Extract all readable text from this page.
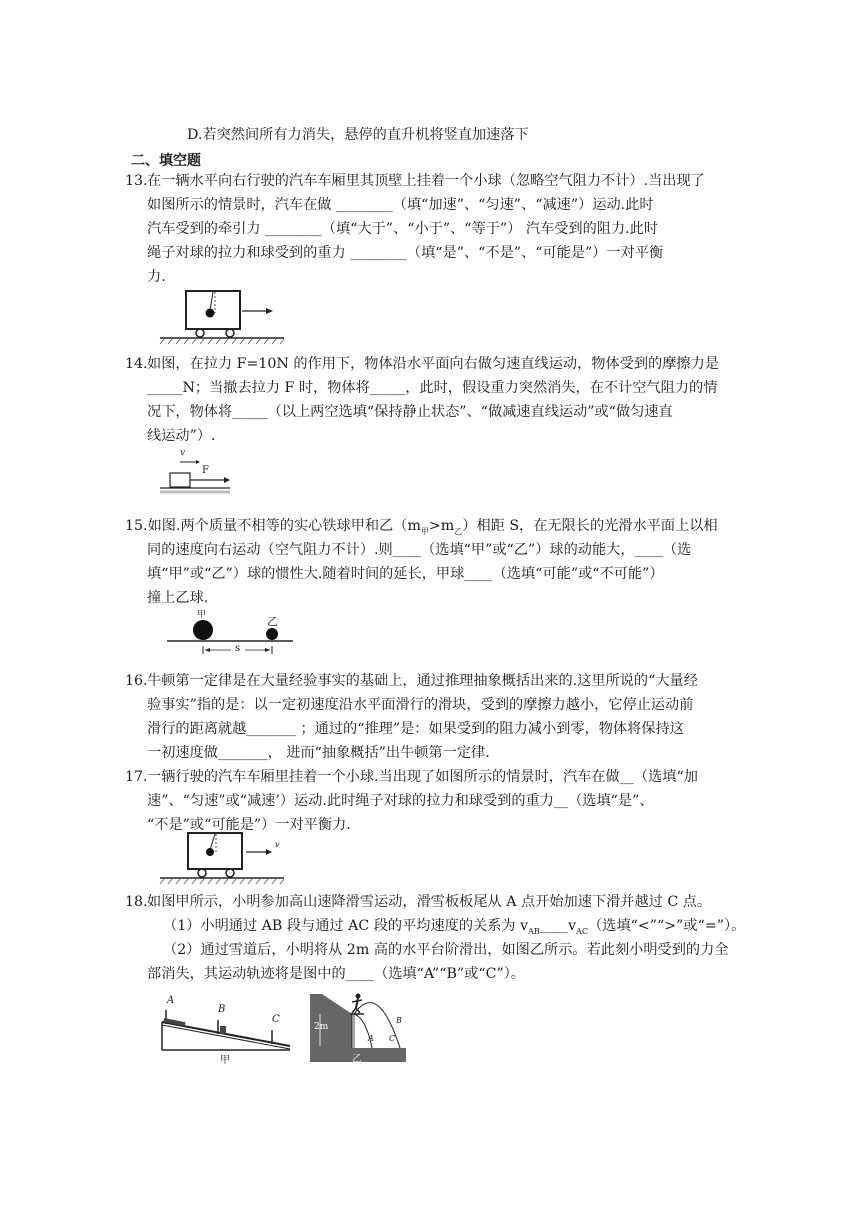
D.若突然间所有力消失，悬停的直升机将竖直加速落下
二、填空题
13. 在一辆水平向右行驶的汽车车厢里其顶壁上挂着一个小球（忽略空气阻力不计）.当出现了
如图所示的情景时，汽车在做 ________（填“加速”、“匀速”、“减速”）运动.此时
汽车受到的牵引力 ________（填“大于”、“小于”、“等于”） 汽车受到的阻力.此时
绳子对球的拉力和球受到的重力 ________（填“是”、“不是”、“可能是”）一对平衡
力.
14. 如图，在拉力 F=10N 的作用下，物体沿水平面向右做匀速直线运动，物体受到的摩擦力是
_____N；当撤去拉力 F 时，物体将_____，此时，假设重力突然消失，在不计空气阻力的情
况下，物体将_____（以上两空选填“保持静止状态”、“做减速直线运动”或“做匀速直
线运动”）.
v
F
15.如图.两个质量不相等的实心铁球甲和乙$(m_甲>m_乙)$相距 S，在无限长的光滑水平面上以相
同的速度向右运动（空气阻力不计）.则____（选填“甲”或“乙”）球的动能大，____（选
填“甲”或“乙”）球的惯性大.随着时间的延长，甲球____（选填“可能”或“不可能”）
撞上乙球.
甲	乙
s
16. 牛顿第一定律是在大量经验事实的基础上，通过推理抽象概括出来的.这里所说的“大量经
验事实”指的是：以一定初速度沿水平面滑行的滑块，受到的摩擦力越小，它停止运动前
滑行的距离就越_______ ；通过的“推理”是：如果受到的阻力减小到零，物体将保持这
一初速度做_______， 进而“抽象概括”出牛顿第一定律.
17. 一辆行驶的汽车车厢里挂着一个小球.当出现了如图所示的情景时，汽车在做__（选填“加
速”、“匀速”或“减速’）运动.此时绳子对球的拉力和球受到的重力__（选填“是”、
“不是”或“可能是”）一对平衡力.
v
18. 如图甲所示，小明参加高山速降滑雪运动，滑雪板板尾从 A 点开始加速下滑并越过 C 点。
（1）小明通过 AB 段与通过 AC 段的平均速度的关系为 $v_{AB}\_\_\_\_v_{AC}$（选填“<”“>”或“=”）。
（2）通过雪道后，小明将从 2m 高的水平台阶滑出，如图乙所示。若此刻小明受到的力全
部消失，其运动轨迹将是图中的____（选填“A”“B”或“C”）。
A
B
C
甲
2m
A
B
C
乙
